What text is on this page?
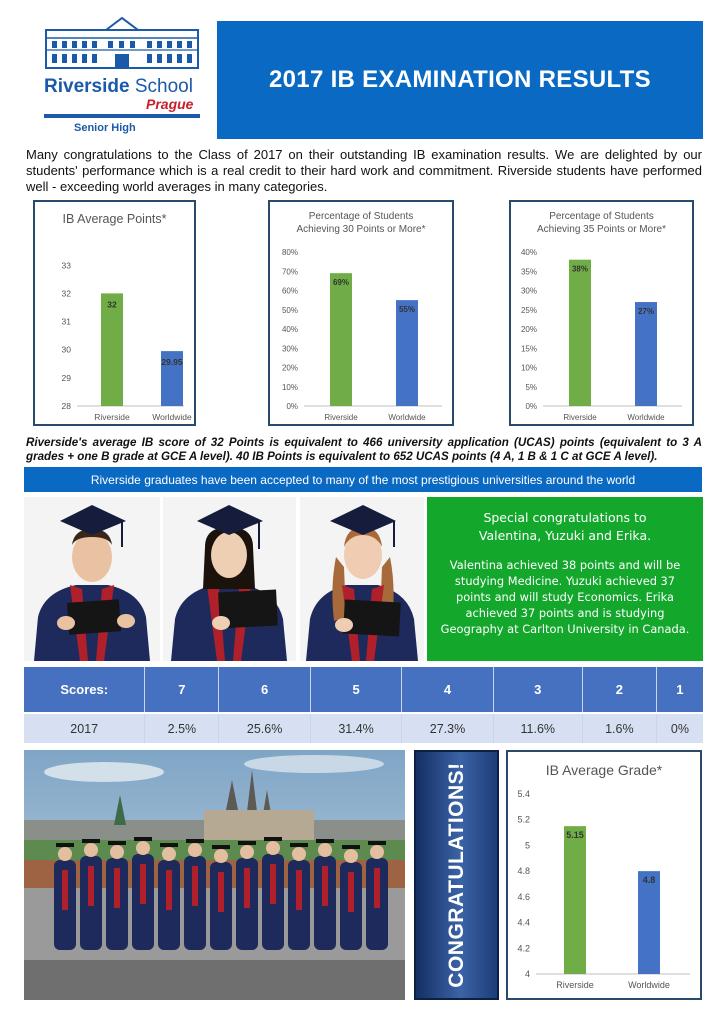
Riverside School
Prague
Senior High
2017 IB EXAMINATION RESULTS

Many congratulations to the Class of 2017 on their outstanding IB examination results. We are delighted by our students' performance which is a real credit to their hard work and commitment. Riverside students have performed well - exceeding world averages in many categories.

IB Average Points*
33
32
31
30
29
28
32
Riverside
29.95
Worldwide
Percentage of Students
Achieving 30 Points or More*
80%
70%
60%
50%
40%
30%
20%
10%
0%
69%
Riverside
55%
Worldwide
Percentage of Students
Achieving 35 Points or More*
40%
35%
30%
25%
20%
15%
10%
5%
0%
38%
Riverside
27%
Worldwide

Riverside's average IB score of 32 Points is equivalent to 466 university application (UCAS) points (equivalent to 3 A grades + one B grade at GCE A level). 40 IB Points is equivalent to 652 UCAS points (4 A, 1 B & 1 C at GCE A level).

Riverside graduates have been accepted to many of the most prestigious universities around the world
Special congratulations to
Valentina, Yuzuki and Erika.
Valentina achieved 38 points and will be studying Medicine. Yuzuki achieved 37 points and will study Economics. Erika achieved 37 points and is studying Geography at Carlton University in Canada.
Scores:	7	6	5	4	3	2	1
2017	2.5%	25.6%	31.4%	27.3%	11.6%	1.6%	0%
CONGRATULATIONS!	IB Average Grade*
5.4
5.2
5
4.8
4.6
4.4
4.2
4
5.15
Riverside
4.8
Worldwide
